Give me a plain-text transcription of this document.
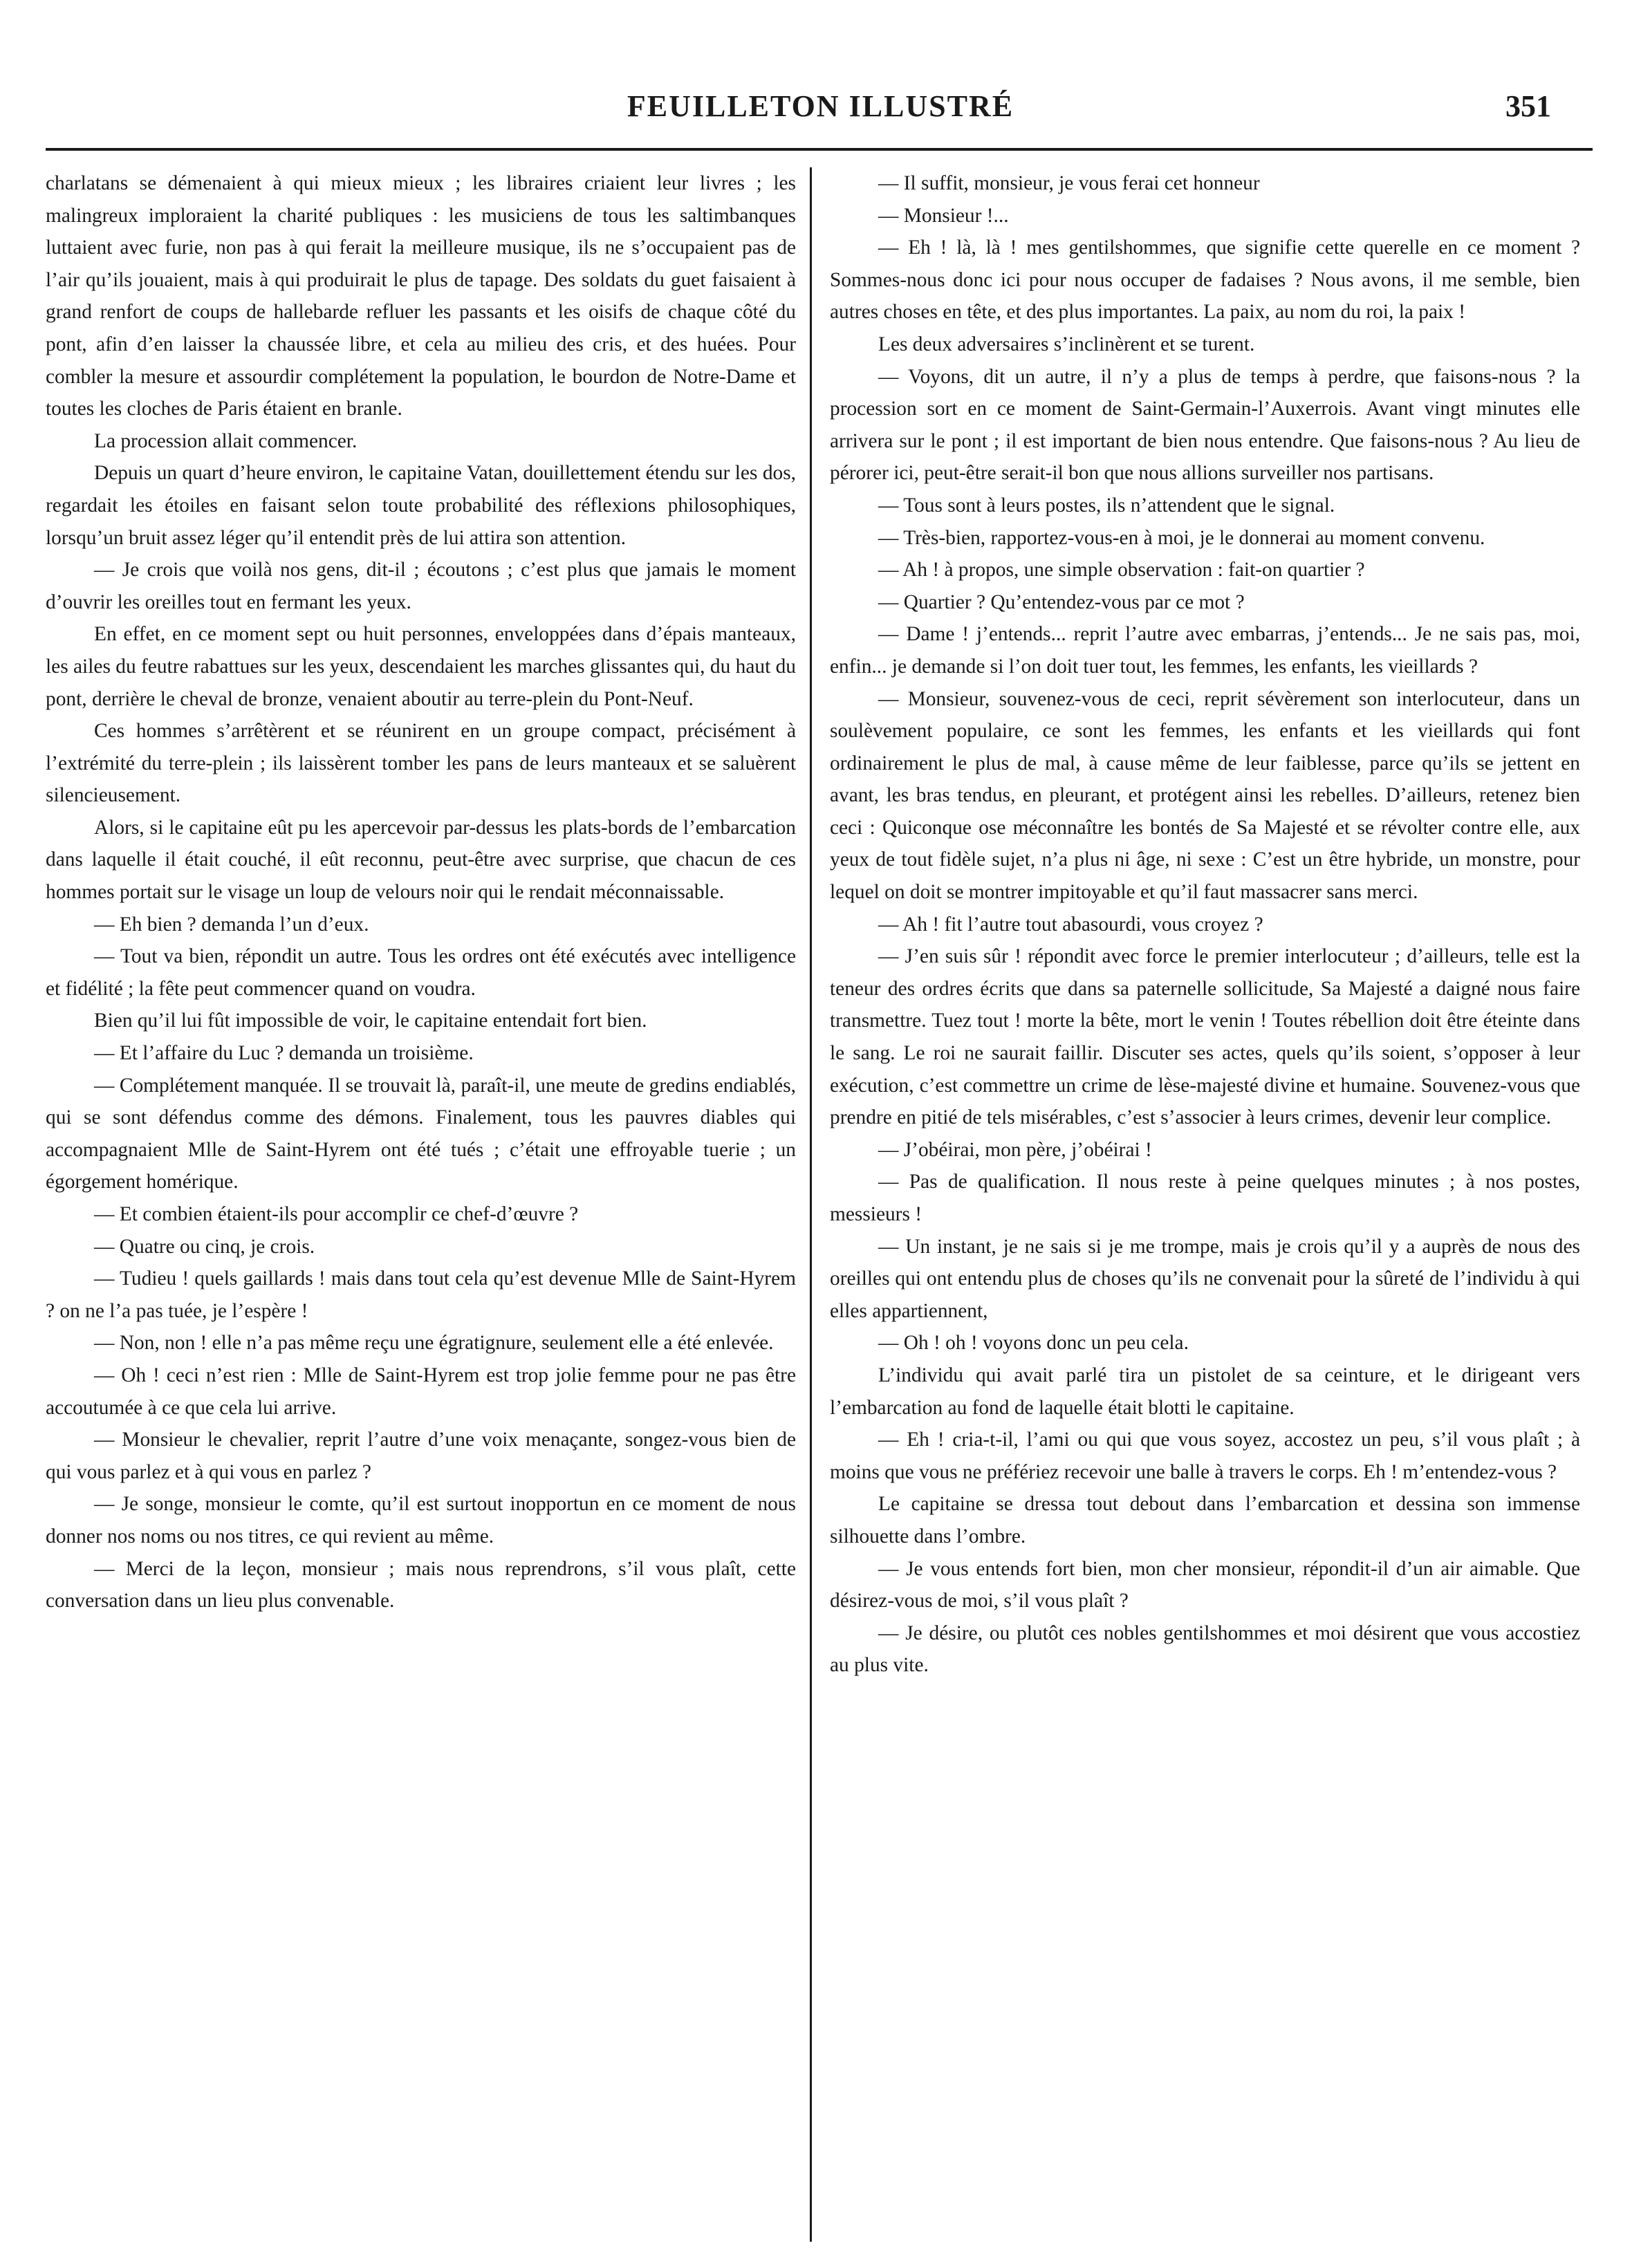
FEUILLETON ILLUSTRÉ	351

charlatans se démenaient à qui mieux mieux ; les libraires criaient leur livres ; les malingreux imploraient la charité publiques : les musiciens de tous les saltimbanques luttaient avec furie, non pas à qui ferait la meilleure musique, ils ne s’occupaient pas de l’air qu’ils jouaient, mais à qui produirait le plus de tapage. Des soldats du guet faisaient à grand renfort de coups de hallebarde refluer les passants et les oisifs de chaque côté du pont, afin d’en laisser la chaussée libre, et cela au milieu des cris, et des huées. Pour combler la mesure et assourdir complétement la population, le bourdon de Notre-Dame et toutes les cloches de Paris étaient en branle.

La procession allait commencer.

Depuis un quart d’heure environ, le capitaine Vatan, douillettement étendu sur les dos, regardait les étoiles en faisant selon toute probabilité des réflexions philosophiques, lorsqu’un bruit assez léger qu’il entendit près de lui attira son attention.

— Je crois que voilà nos gens, dit-il ; écoutons ; c’est plus que jamais le moment d’ouvrir les oreilles tout en fermant les yeux.

En effet, en ce moment sept ou huit personnes, enveloppées dans d’épais manteaux, les ailes du feutre rabattues sur les yeux, descendaient les marches glissantes qui, du haut du pont, derrière le cheval de bronze, venaient aboutir au terre-plein du Pont-Neuf.

Ces hommes s’arrêtèrent et se réunirent en un groupe compact, précisément à l’extrémité du terre-plein ; ils laissèrent tomber les pans de leurs manteaux et se saluèrent silencieusement.

Alors, si le capitaine eût pu les apercevoir par-dessus les plats-bords de l’embarcation dans laquelle il était couché, il eût reconnu, peut-être avec surprise, que chacun de ces hommes portait sur le visage un loup de velours noir qui le rendait méconnaissable.

— Eh bien ? demanda l’un d’eux.

— Tout va bien, répondit un autre. Tous les ordres ont été exécutés avec intelligence et fidélité ; la fête peut commencer quand on voudra.

Bien qu’il lui fût impossible de voir, le capitaine entendait fort bien.

— Et l’affaire du Luc ? demanda un troisième.

— Complétement manquée. Il se trouvait là, paraît-il, une meute de gredins endiablés, qui se sont défendus comme des démons. Finalement, tous les pauvres diables qui accompagnaient Mlle de Saint-Hyrem ont été tués ; c’était une effroyable tuerie ; un égorgement homérique.

— Et combien étaient-ils pour accomplir ce chef-d’œuvre ?

— Quatre ou cinq, je crois.

— Tudieu ! quels gaillards ! mais dans tout cela qu’est devenue Mlle de Saint-Hyrem ? on ne l’a pas tuée, je l’espère !

— Non, non ! elle n’a pas même reçu une égratignure, seulement elle a été enlevée.

— Oh ! ceci n’est rien : Mlle de Saint-Hyrem est trop jolie femme pour ne pas être accoutumée à ce que cela lui arrive.

— Monsieur le chevalier, reprit l’autre d’une voix menaçante, songez-vous bien de qui vous parlez et à qui vous en parlez ?

— Je songe, monsieur le comte, qu’il est surtout inopportun en ce moment de nous donner nos noms ou nos titres, ce qui revient au même.

— Merci de la leçon, monsieur ; mais nous reprendrons, s’il vous plaît, cette conversation dans un lieu plus convenable.

— Il suffit, monsieur, je vous ferai cet honneur

— Monsieur !...

— Eh ! là, là ! mes gentilshommes, que signifie cette querelle en ce moment ? Sommes-nous donc ici pour nous occuper de fadaises ? Nous avons, il me semble, bien autres choses en tête, et des plus importantes. La paix, au nom du roi, la paix !

Les deux adversaires s’inclinèrent et se turent.

— Voyons, dit un autre, il n’y a plus de temps à perdre, que faisons-nous ? la procession sort en ce moment de Saint-Germain-l’Auxerrois. Avant vingt minutes elle arrivera sur le pont ; il est important de bien nous entendre. Que faisons-nous ? Au lieu de pérorer ici, peut-être serait-il bon que nous allions surveiller nos partisans.

— Tous sont à leurs postes, ils n’attendent que le signal.

— Très-bien, rapportez-vous-en à moi, je le donnerai au moment convenu.

— Ah ! à propos, une simple observation : fait-on quartier ?

— Quartier ? Qu’entendez-vous par ce mot ?

— Dame ! j’entends... reprit l’autre avec embarras, j’entends... Je ne sais pas, moi, enfin... je demande si l’on doit tuer tout, les femmes, les enfants, les vieillards ?

— Monsieur, souvenez-vous de ceci, reprit sévèrement son interlocuteur, dans un soulèvement populaire, ce sont les femmes, les enfants et les vieillards qui font ordinairement le plus de mal, à cause même de leur faiblesse, parce qu’ils se jettent en avant, les bras tendus, en pleurant, et protégent ainsi les rebelles. D’ailleurs, retenez bien ceci : Quiconque ose méconnaître les bontés de Sa Majesté et se révolter contre elle, aux yeux de tout fidèle sujet, n’a plus ni âge, ni sexe : C’est un être hybride, un monstre, pour lequel on doit se montrer impitoyable et qu’il faut massacrer sans merci.

— Ah ! fit l’autre tout abasourdi, vous croyez ?

— J’en suis sûr ! répondit avec force le premier interlocuteur ; d’ailleurs, telle est la teneur des ordres écrits que dans sa paternelle sollicitude, Sa Majesté a daigné nous faire transmettre. Tuez tout ! morte la bête, mort le venin ! Toutes rébellion doit être éteinte dans le sang. Le roi ne saurait faillir. Discuter ses actes, quels qu’ils soient, s’opposer à leur exécution, c’est commettre un crime de lèse-majesté divine et humaine. Souvenez-vous que prendre en pitié de tels misérables, c’est s’associer à leurs crimes, devenir leur complice.

— J’obéirai, mon père, j’obéirai !

— Pas de qualification. Il nous reste à peine quelques minutes ; à nos postes, messieurs !

— Un instant, je ne sais si je me trompe, mais je crois qu’il y a auprès de nous des oreilles qui ont entendu plus de choses qu’ils ne convenait pour la sûreté de l’individu à qui elles appartiennent,

— Oh ! oh ! voyons donc un peu cela.

L’individu qui avait parlé tira un pistolet de sa ceinture, et le dirigeant vers l’embarcation au fond de laquelle était blotti le capitaine.

— Eh ! cria-t-il, l’ami ou qui que vous soyez, accostez un peu, s’il vous plaît ; à moins que vous ne préfériez recevoir une balle à travers le corps. Eh ! m’entendez-vous ?

Le capitaine se dressa tout debout dans l’embarcation et dessina son immense silhouette dans l’ombre.

— Je vous entends fort bien, mon cher monsieur, répondit-il d’un air aimable. Que désirez-vous de moi, s’il vous plaît ?

— Je désire, ou plutôt ces nobles gentilshommes et moi désirent que vous accostiez au plus vite.
